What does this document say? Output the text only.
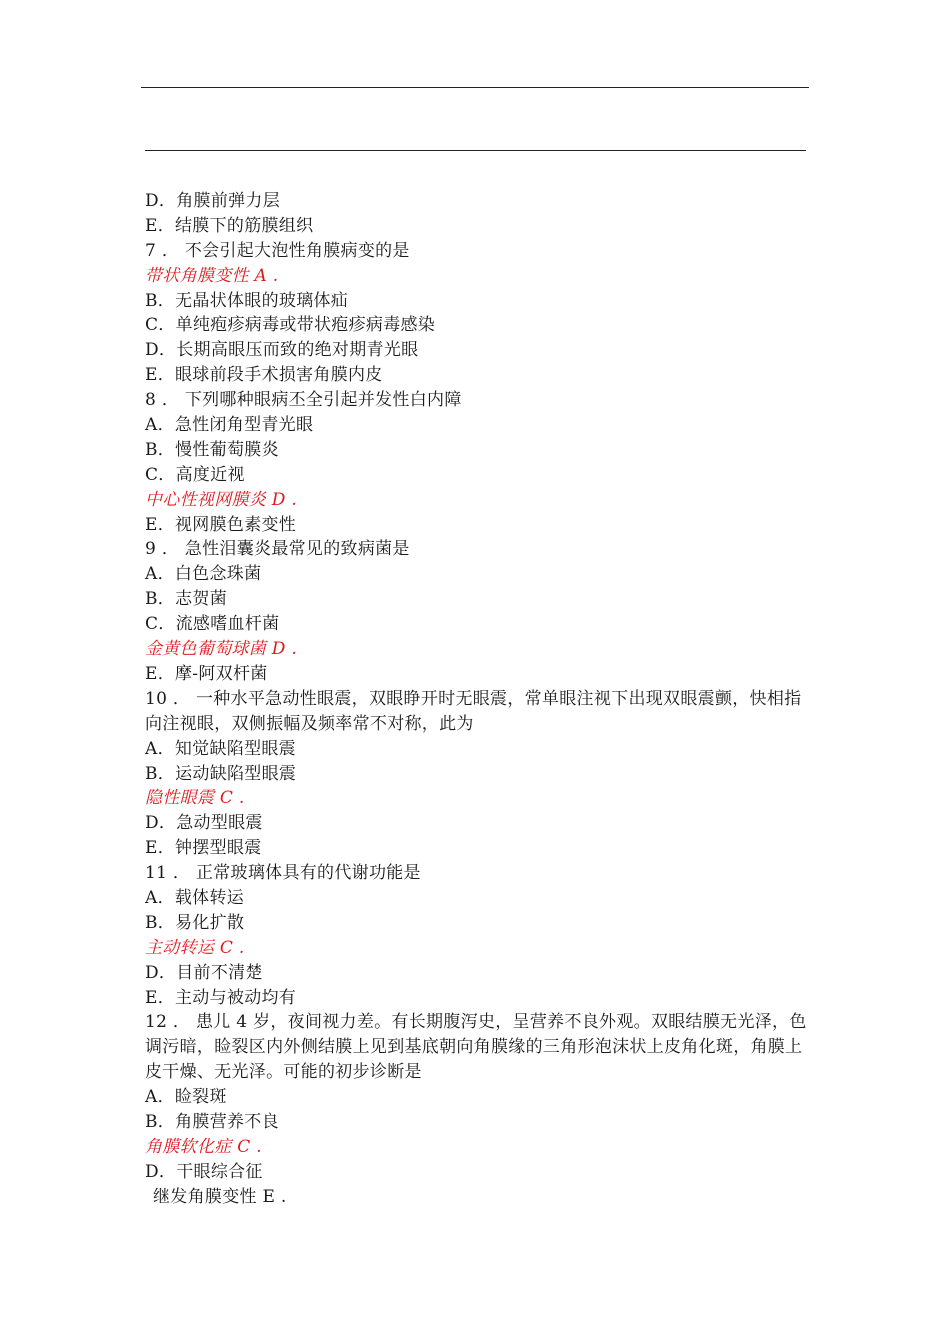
D．角膜前弹力层
E．结膜下的筋膜组织
7 ． 不会引起大泡性角膜病变的是
带状角膜变性 A .
B．无晶状体眼的玻璃体疝
C．单纯疱疹病毒或带状疱疹病毒感染
D．长期高眼压而致的绝对期青光眼
E．眼球前段手术损害角膜内皮
8 ． 下列哪种眼病丕全引起并发性白内障
A．急性闭角型青光眼
B．慢性葡萄膜炎
C．高度近视
中心性视网膜炎 D .
E．视网膜色素变性
9 ． 急性泪囊炎最常见的致病菌是
A．白色念珠菌
B．志贺菌
C．流感嗜血杆菌
金黄色葡萄球菌 D .
E．摩-阿双杆菌
10 ． 一种水平急动性眼震，双眼睁开时无眼震，常单眼注视下出现双眼震颤，快相指向注视眼，双侧振幅及频率常不对称，此为
A．知觉缺陷型眼震
B．运动缺陷型眼震
隐性眼震 C .
D．急动型眼震
E．钟摆型眼震
11 ． 正常玻璃体具有的代谢功能是
A．载体转运
B．易化扩散
主动转运 C .
D．目前不清楚
E．主动与被动均有
12 ． 患儿 4 岁，夜间视力差。有长期腹泻史，呈营养不良外观。双眼结膜无光泽，色调污暗，睑裂区内外侧结膜上见到基底朝向角膜缘的三角形泡沫状上皮角化斑，角膜上皮干燥、无光泽。可能的初步诊断是
A．睑裂斑
B．角膜营养不良
角膜软化症 C .
D．干眼综合征
继发角膜变性 E .
